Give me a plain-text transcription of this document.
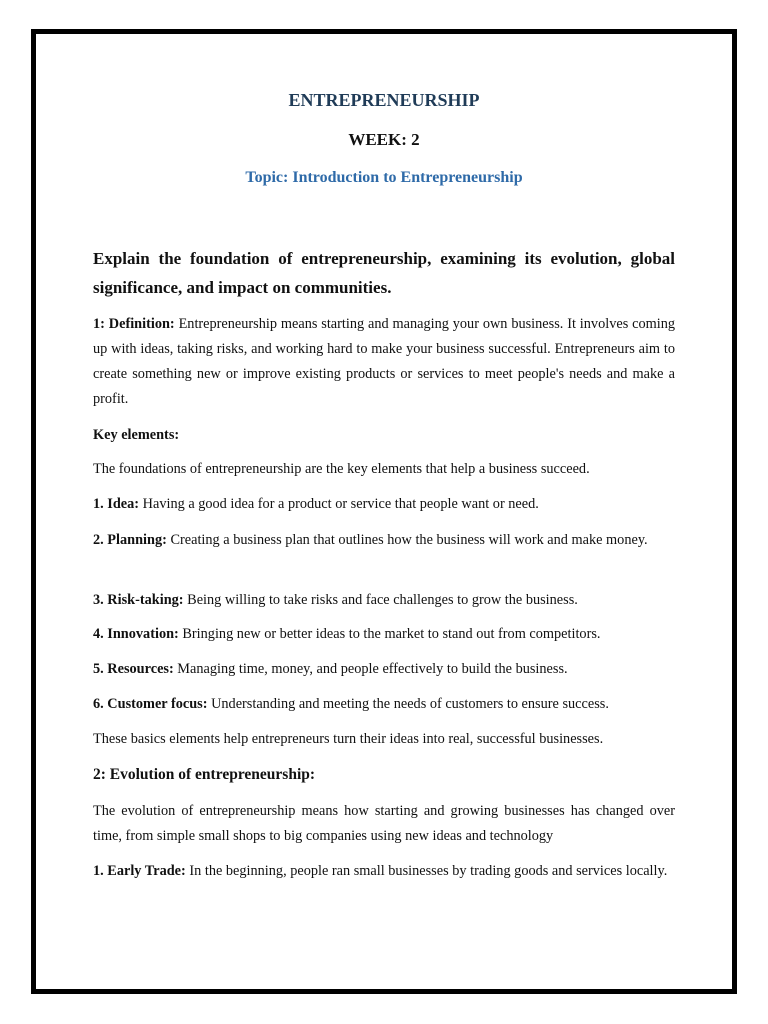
ENTREPRENEURSHIP
WEEK: 2
Topic: Introduction to Entrepreneurship

Explain the foundation of entrepreneurship, examining its evolution, global significance, and impact on communities.

1: Definition: Entrepreneurship means starting and managing your own business. It involves coming up with ideas, taking risks, and working hard to make your business successful. Entrepreneurs aim to create something new or improve existing products or services to meet people's needs and make a profit.

Key elements:

The foundations of entrepreneurship are the key elements that help a business succeed.

1. Idea: Having a good idea for a product or service that people want or need.

2. Planning: Creating a business plan that outlines how the business will work and make money.

3. Risk-taking: Being willing to take risks and face challenges to grow the business.

4. Innovation: Bringing new or better ideas to the market to stand out from competitors.

5. Resources: Managing time, money, and people effectively to build the business.

6. Customer focus: Understanding and meeting the needs of customers to ensure success.

These basics elements help entrepreneurs turn their ideas into real, successful businesses.

2: Evolution of entrepreneurship:

The evolution of entrepreneurship means how starting and growing businesses has changed over time, from simple small shops to big companies using new ideas and technology

1. Early Trade: In the beginning, people ran small businesses by trading goods and services locally.
